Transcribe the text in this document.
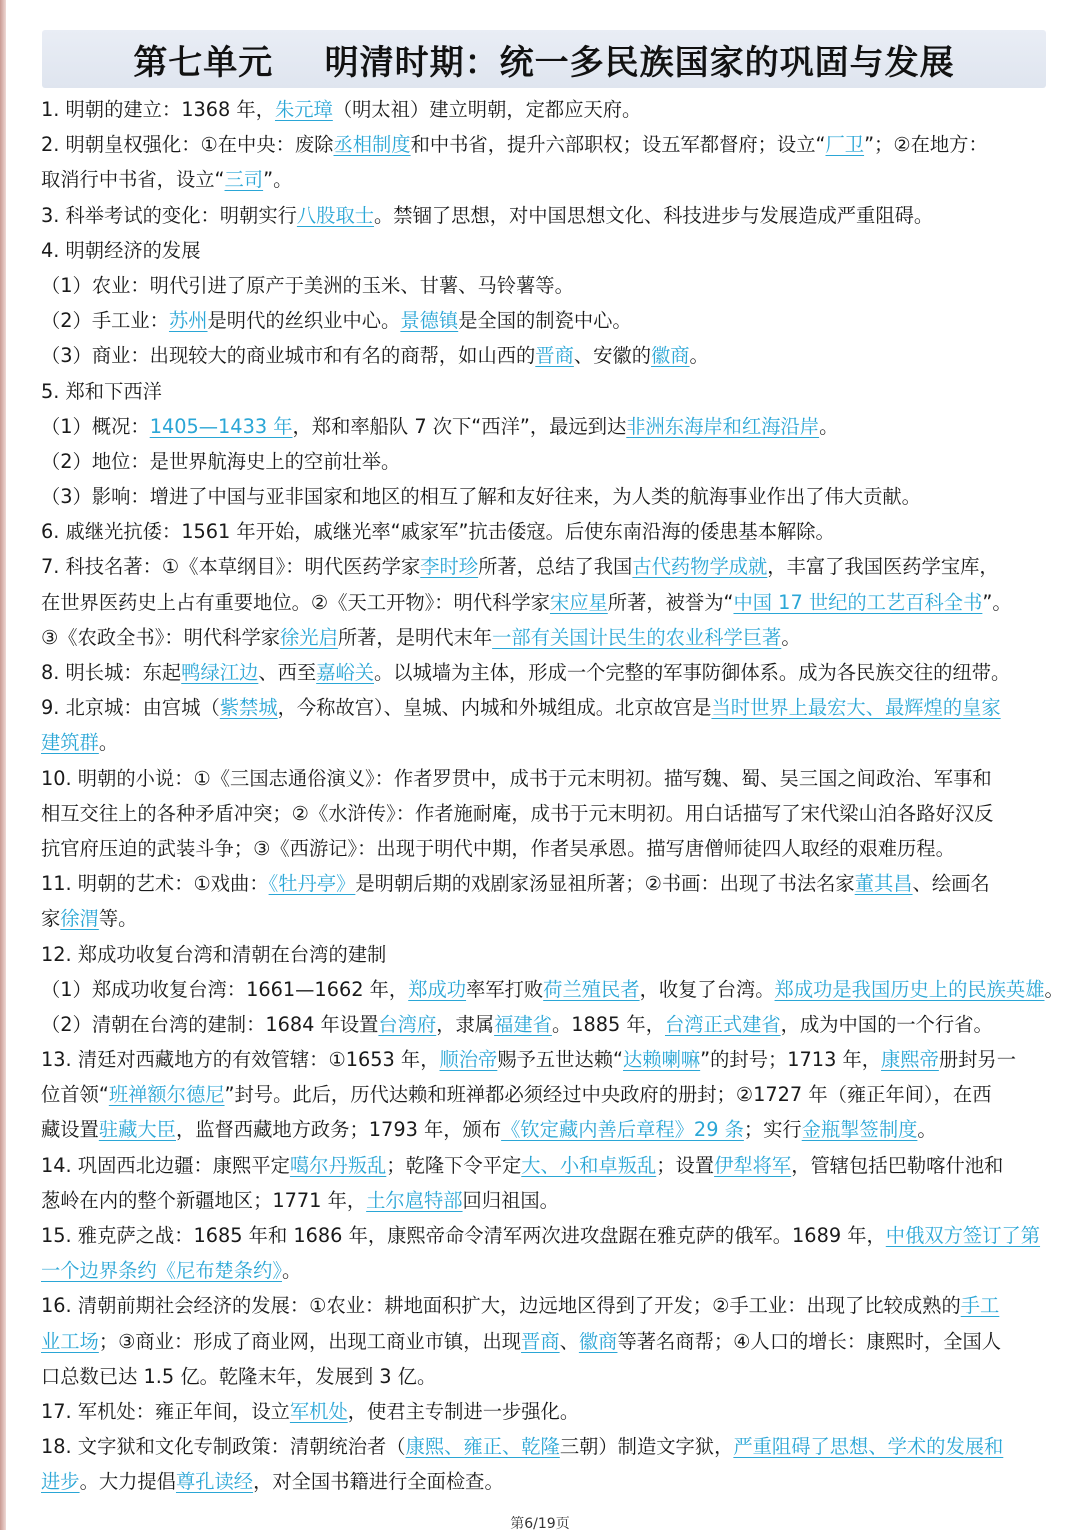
第七单元    明清时期：统一多民族国家的巩固与发展
1. 明朝的建立：1368 年，朱元璋（明太祖）建立明朝，定都应天府。
2. 明朝皇权强化：①在中央：废除丞相制度和中书省，提升六部职权；设五军都督府；设立“厂卫”；②在地方：
取消行中书省，设立“三司”。
3. 科举考试的变化：明朝实行八股取士。禁锢了思想，对中国思想文化、科技进步与发展造成严重阻碍。
4. 明朝经济的发展
（1）农业：明代引进了原产于美洲的玉米、甘薯、马铃薯等。
（2）手工业：苏州是明代的丝织业中心。景德镇是全国的制瓷中心。
（3）商业：出现较大的商业城市和有名的商帮，如山西的晋商、安徽的徽商。
5. 郑和下西洋
（1）概况：1405—1433 年，郑和率船队 7 次下“西洋”，最远到达非洲东海岸和红海沿岸。
（2）地位：是世界航海史上的空前壮举。
（3）影响：增进了中国与亚非国家和地区的相互了解和友好往来，为人类的航海事业作出了伟大贡献。
6. 戚继光抗倭：1561 年开始，戚继光率“戚家军”抗击倭寇。后使东南沿海的倭患基本解除。
7. 科技名著：①《本草纲目》：明代医药学家李时珍所著，总结了我国古代药物学成就，丰富了我国医药学宝库，
在世界医药史上占有重要地位。②《天工开物》：明代科学家宋应星所著，被誉为“中国 17 世纪的工艺百科全书”。
③《农政全书》：明代科学家徐光启所著，是明代末年一部有关国计民生的农业科学巨著。
8. 明长城：东起鸭绿江边、西至嘉峪关。以城墙为主体，形成一个完整的军事防御体系。成为各民族交往的纽带。
9. 北京城：由宫城（紫禁城，今称故宫）、皇城、内城和外城组成。北京故宫是当时世界上最宏大、最辉煌的皇家
建筑群。
10. 明朝的小说：①《三国志通俗演义》：作者罗贯中，成书于元末明初。描写魏、蜀、吴三国之间政治、军事和
相互交往上的各种矛盾冲突；②《水浒传》：作者施耐庵，成书于元末明初。用白话描写了宋代梁山泊各路好汉反
抗官府压迫的武装斗争；③《西游记》：出现于明代中期，作者吴承恩。描写唐僧师徒四人取经的艰难历程。
11. 明朝的艺术：①戏曲：《牡丹亭》是明朝后期的戏剧家汤显祖所著；②书画：出现了书法名家董其昌、绘画名
家徐渭等。
12. 郑成功收复台湾和清朝在台湾的建制
（1）郑成功收复台湾：1661—1662 年，郑成功率军打败荷兰殖民者，收复了台湾。郑成功是我国历史上的民族英雄。
（2）清朝在台湾的建制：1684 年设置台湾府，隶属福建省。1885 年，台湾正式建省，成为中国的一个行省。
13. 清廷对西藏地方的有效管辖：①1653 年，顺治帝赐予五世达赖“达赖喇嘛”的封号；1713 年，康熙帝册封另一
位首领“班禅额尔德尼”封号。此后，历代达赖和班禅都必须经过中央政府的册封；②1727 年（雍正年间），在西
藏设置驻藏大臣，监督西藏地方政务；1793 年，颁布《钦定藏内善后章程》29 条；实行金瓶掣签制度。
14. 巩固西北边疆：康熙平定噶尔丹叛乱；乾隆下令平定大、小和卓叛乱；设置伊犁将军，管辖包括巴勒喀什池和
葱岭在内的整个新疆地区；1771 年，土尔扈特部回归祖国。
15. 雅克萨之战：1685 年和 1686 年，康熙帝命令清军两次进攻盘踞在雅克萨的俄军。1689 年，中俄双方签订了第
一个边界条约《尼布楚条约》。
16. 清朝前期社会经济的发展：①农业：耕地面积扩大，边远地区得到了开发；②手工业：出现了比较成熟的手工
业工场；③商业：形成了商业网，出现工商业市镇，出现晋商、徽商等著名商帮；④人口的增长：康熙时，全国人
口总数已达 1.5 亿。乾隆末年，发展到 3 亿。
17. 军机处：雍正年间，设立军机处，使君主专制进一步强化。
18. 文字狱和文化专制政策：清朝统治者（康熙、雍正、乾隆三朝）制造文字狱，严重阻碍了思想、学术的发展和
进步。大力提倡尊孔读经，对全国书籍进行全面检查。
第6/19页
